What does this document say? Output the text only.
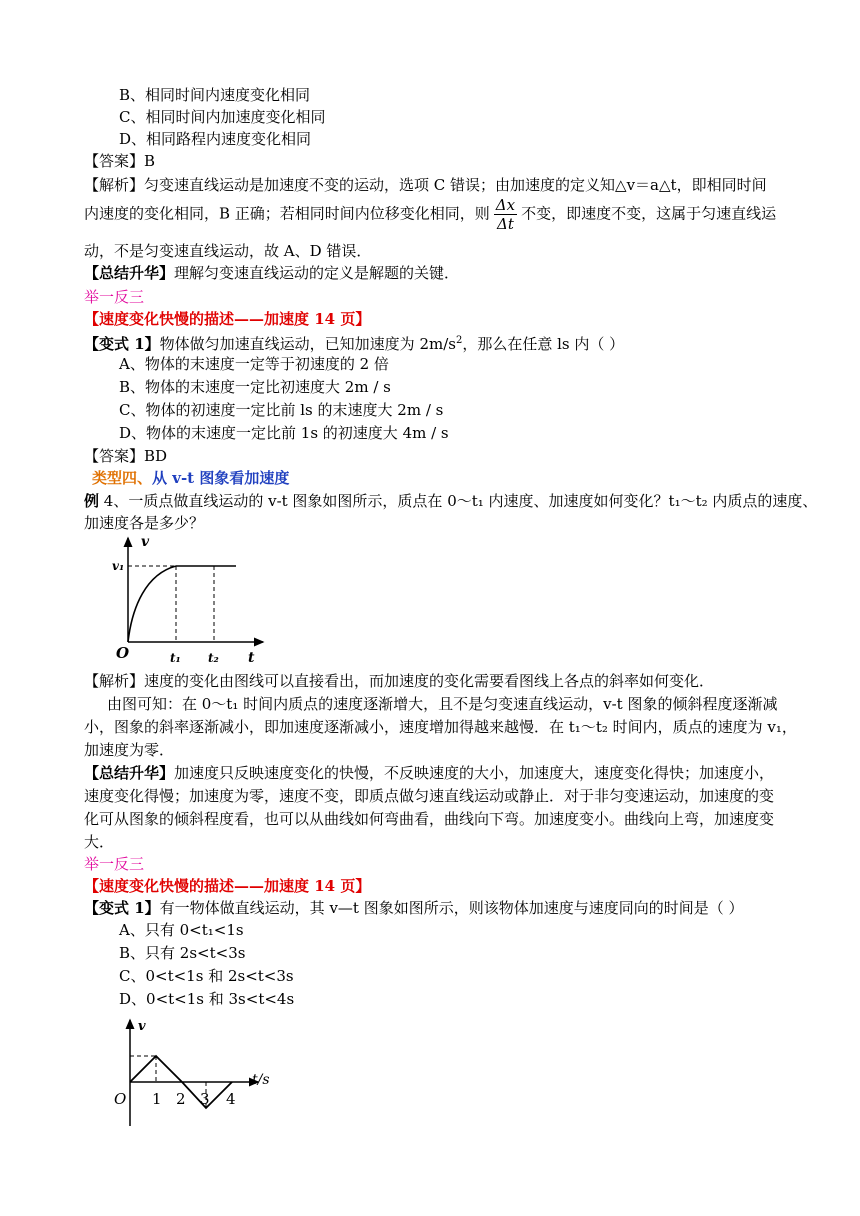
B、相同时间内速度变化相同
C、相同时间内加速度变化相同
D、相同路程内速度变化相同
【答案】B
【解析】匀变速直线运动是加速度不变的运动，选项 C 错误；由加速度的定义知△v＝a△t，即相同时间
内速度的变化相同，B 正确；若相同时间内位移变化相同，则 $\frac{\Delta x}{\Delta t}$ 不变，即速度不变，这属于匀速直线运
动，不是匀变速直线运动，故 A、D 错误．
【总结升华】理解匀变速直线运动的定义是解题的关键．
举一反三
【速度变化快慢的描述——加速度 14 页】
【变式 1】物体做匀加速直线运动，已知加速度为 $2m/s^2$，那么在任意 ls 内（ ）
A、物体的末速度一定等于初速度的 2 倍
B、物体的末速度一定比初速度大 2m / s
C、物体的初速度一定比前 ls 的末速度大 2m / s
D、物体的末速度一定比前 1s 的初速度大 4m / s
【答案】BD
类型四、从 v-t 图象看加速度
例 4、一质点做直线运动的 v-t 图象如图所示，质点在 0～t₁ 内速度、加速度如何变化？t₁～t₂ 内质点的速度、
加速度各是多少？
v
v₁
O	t₁ t₂ t
【解析】速度的变化由图线可以直接看出，而加速度的变化需要看图线上各点的斜率如何变化．
由图可知：在 0～t₁ 时间内质点的速度逐渐增大，且不是匀变速直线运动，v-t 图象的倾斜程度逐渐减
小，图象的斜率逐渐减小，即加速度逐渐减小，速度增加得越来越慢．在 t₁～t₂ 时间内，质点的速度为 v₁，
加速度为零．
【总结升华】加速度只反映速度变化的快慢，不反映速度的大小，加速度大，速度变化得快；加速度小，
速度变化得慢；加速度为零，速度不变，即质点做匀速直线运动或静止．对于非匀变速运动，加速度的变
化可从图象的倾斜程度看，也可以从曲线如何弯曲看，曲线向下弯。加速度变小。曲线向上弯，加速度变
大．
举一反三
【速度变化快慢的描述——加速度 14 页】
【变式 1】有一物体做直线运动，其 v—t 图象如图所示，则该物体加速度与速度同向的时间是（ ）
A、只有 0<t₁<1s
B、只有 2s<t<3s
C、0<t<1s 和 2s<t<3s
D、0<t<1s 和 3s<t<4s
v
O 1 2 3 4
t/s
